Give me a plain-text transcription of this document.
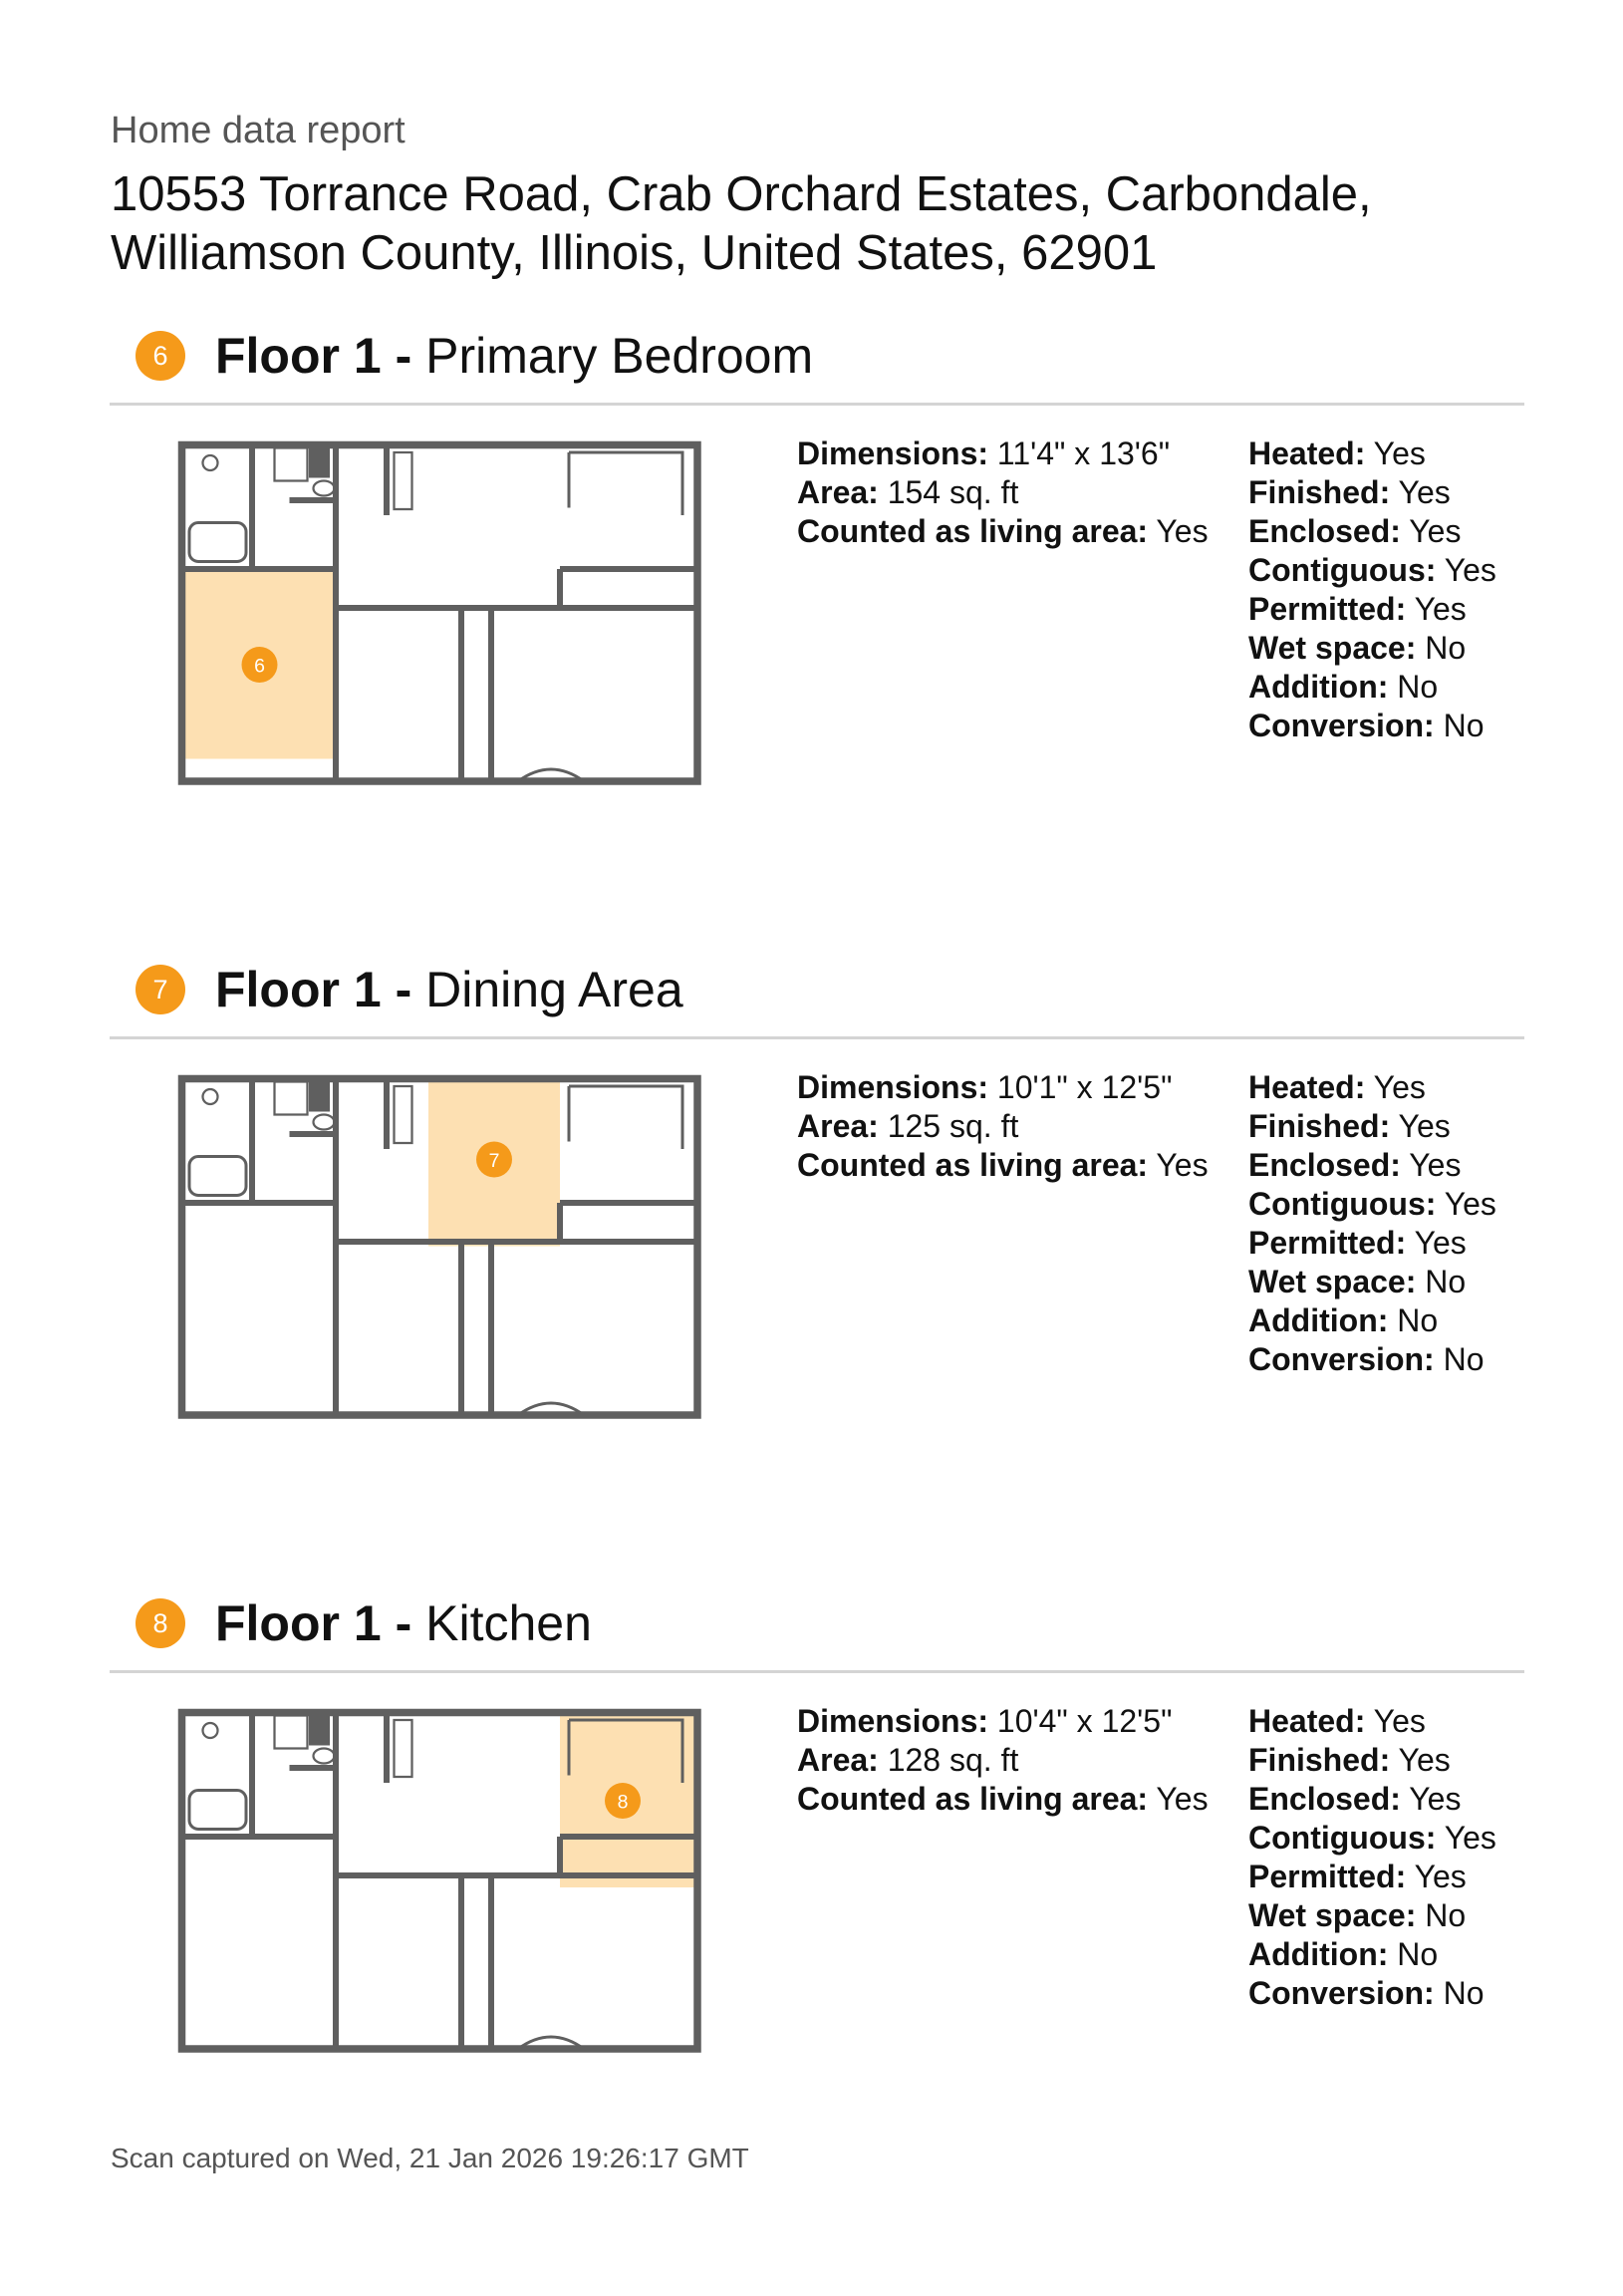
Home data report
10553 Torrance Road, Crab Orchard Estates, Carbondale, Williamson County, Illinois, United States, 62901
6 Floor 1 - Primary Bedroom
6
Dimensions: 11'4" x 13'6"
Area: 154 sq. ft
Counted as living area: Yes
Heated: Yes
Finished: Yes
Enclosed: Yes
Contiguous: Yes
Permitted: Yes
Wet space: No
Addition: No
Conversion: No
7 Floor 1 - Dining Area
7
Dimensions: 10'1" x 12'5"
Area: 125 sq. ft
Counted as living area: Yes
Heated: Yes
Finished: Yes
Enclosed: Yes
Contiguous: Yes
Permitted: Yes
Wet space: No
Addition: No
Conversion: No
8 Floor 1 - Kitchen
8
Dimensions: 10'4" x 12'5"
Area: 128 sq. ft
Counted as living area: Yes
Heated: Yes
Finished: Yes
Enclosed: Yes
Contiguous: Yes
Permitted: Yes
Wet space: No
Addition: No
Conversion: No
Scan captured on Wed, 21 Jan 2026 19:26:17 GMT
